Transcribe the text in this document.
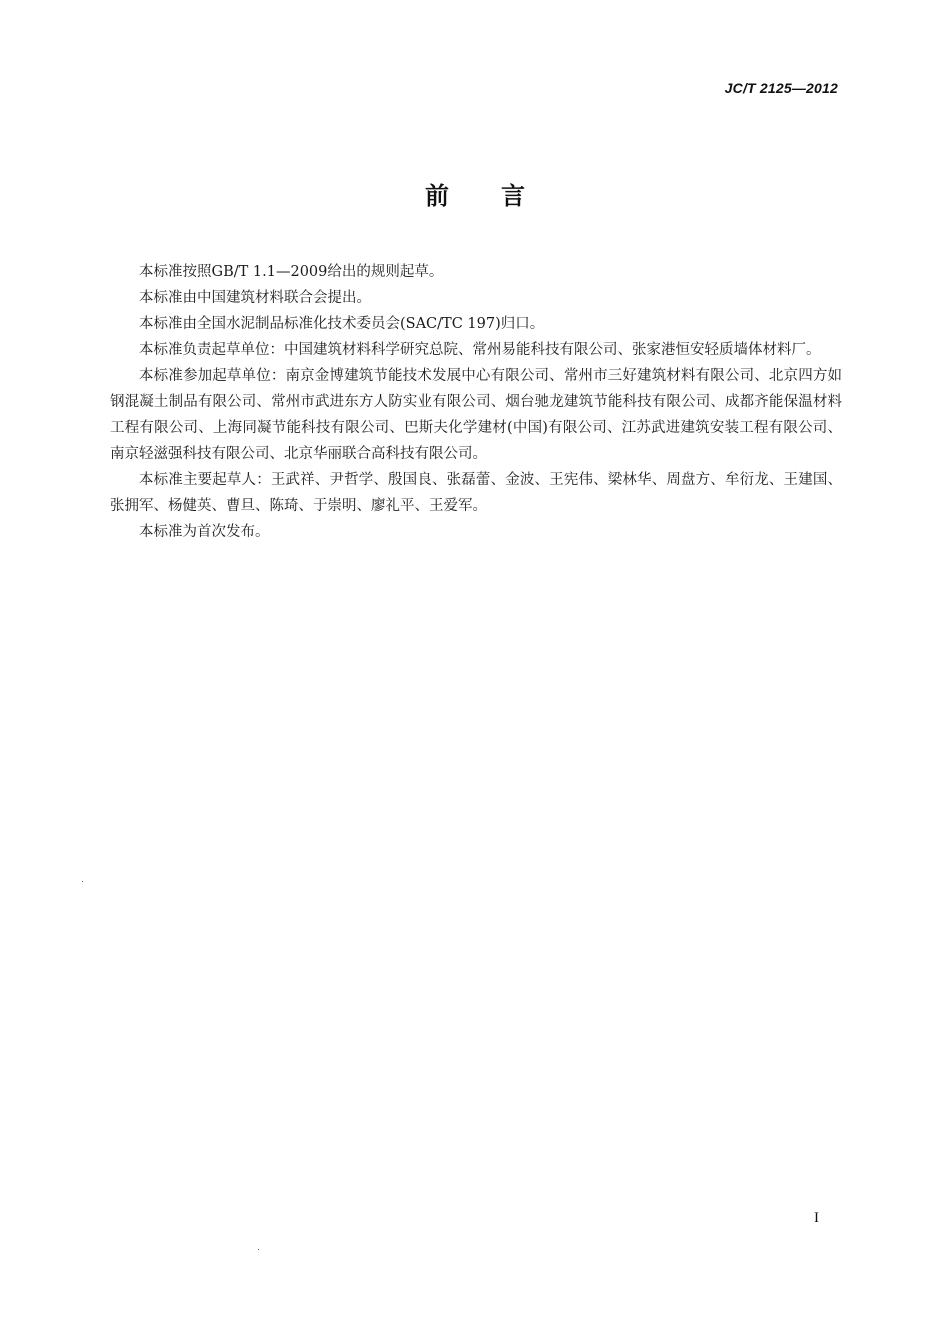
JC/T 2125—2012
前言

本标准按照GB/T 1.1—2009给出的规则起草。

本标准由中国建筑材料联合会提出。

本标准由全国水泥制品标准化技术委员会(SAC/TC 197)归口。

本标准负责起草单位：中国建筑材料科学研究总院、常州易能科技有限公司、张家港恒安轻质墙体材料厂。

本标准参加起草单位：南京金博建筑节能技术发展中心有限公司、常州市三好建筑材料有限公司、北京四方如钢混凝土制品有限公司、常州市武进东方人防实业有限公司、烟台驰龙建筑节能科技有限公司、成都齐能保温材料工程有限公司、上海同凝节能科技有限公司、巴斯夫化学建材(中国)有限公司、江苏武进建筑安装工程有限公司、南京轻滋强科技有限公司、北京华丽联合高科技有限公司。

本标准主要起草人：王武祥、尹哲学、殷国良、张磊蕾、金波、王宪伟、梁林华、周盘方、牟衍龙、王建国、张拥军、杨健英、曹旦、陈琦、于崇明、廖礼平、王爱军。

本标准为首次发布。

I
